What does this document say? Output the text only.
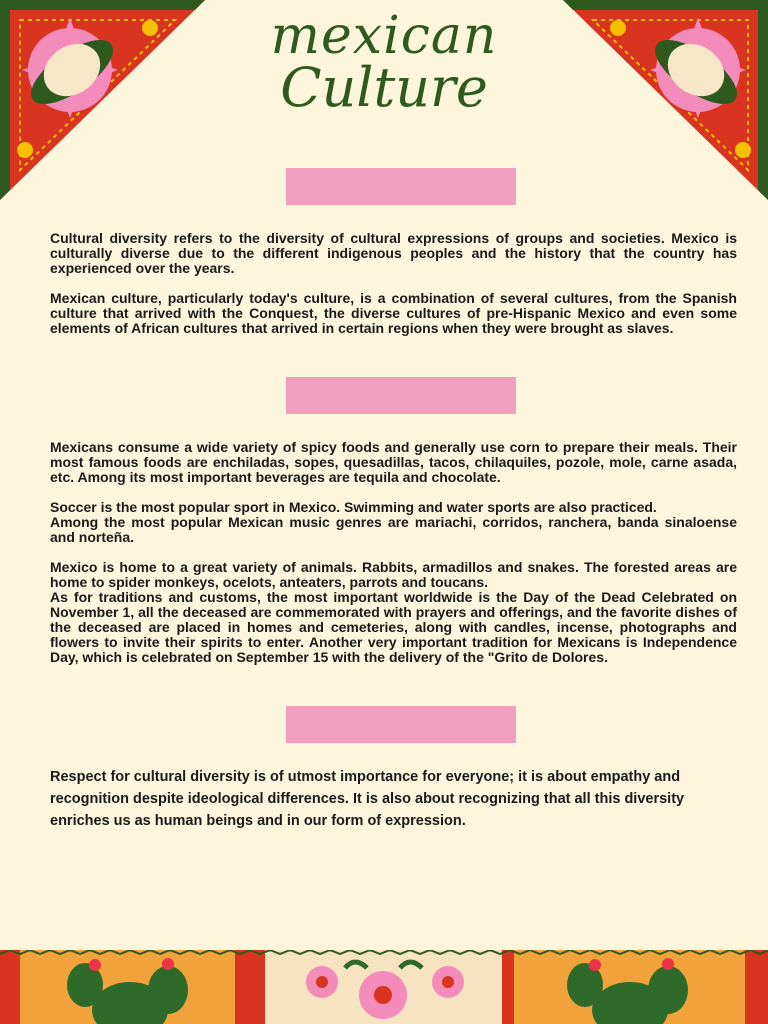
mexican
Culture

Cultural diversity refers to the diversity of cultural expressions of groups and societies. Mexico is culturally diverse due to the different indigenous peoples and the history that the country has experienced over the years.

Mexican culture, particularly today's culture, is a combination of several cultures, from the Spanish culture that arrived with the Conquest, the diverse cultures of pre-Hispanic Mexico and even some elements of African cultures that arrived in certain regions when they were brought as slaves.

Mexicans consume a wide variety of spicy foods and generally use corn to prepare their meals. Their most famous foods are enchiladas, sopes, quesadillas, tacos, chilaquiles, pozole, mole, carne asada, etc. Among its most important beverages are tequila and chocolate.

Soccer is the most popular sport in Mexico. Swimming and water sports are also practiced.

Among the most popular Mexican music genres are mariachi, corridos, ranchera, banda sinaloense and norteña.

Mexico is home to a great variety of animals. Rabbits, armadillos and snakes. The forested areas are home to spider monkeys, ocelots, anteaters, parrots and toucans.

As for traditions and customs, the most important worldwide is the Day of the Dead Celebrated on November 1, all the deceased are commemorated with prayers and offerings, and the favorite dishes of the deceased are placed in homes and cemeteries, along with candles, incense, photographs and flowers to invite their spirits to enter. Another very important tradition for Mexicans is Independence Day, which is celebrated on September 15 with the delivery of the "Grito de Dolores.

Respect for cultural diversity is of utmost importance for everyone; it is about empathy and recognition despite ideological differences. It is also about recognizing that all this diversity enriches us as human beings and in our form of expression.
